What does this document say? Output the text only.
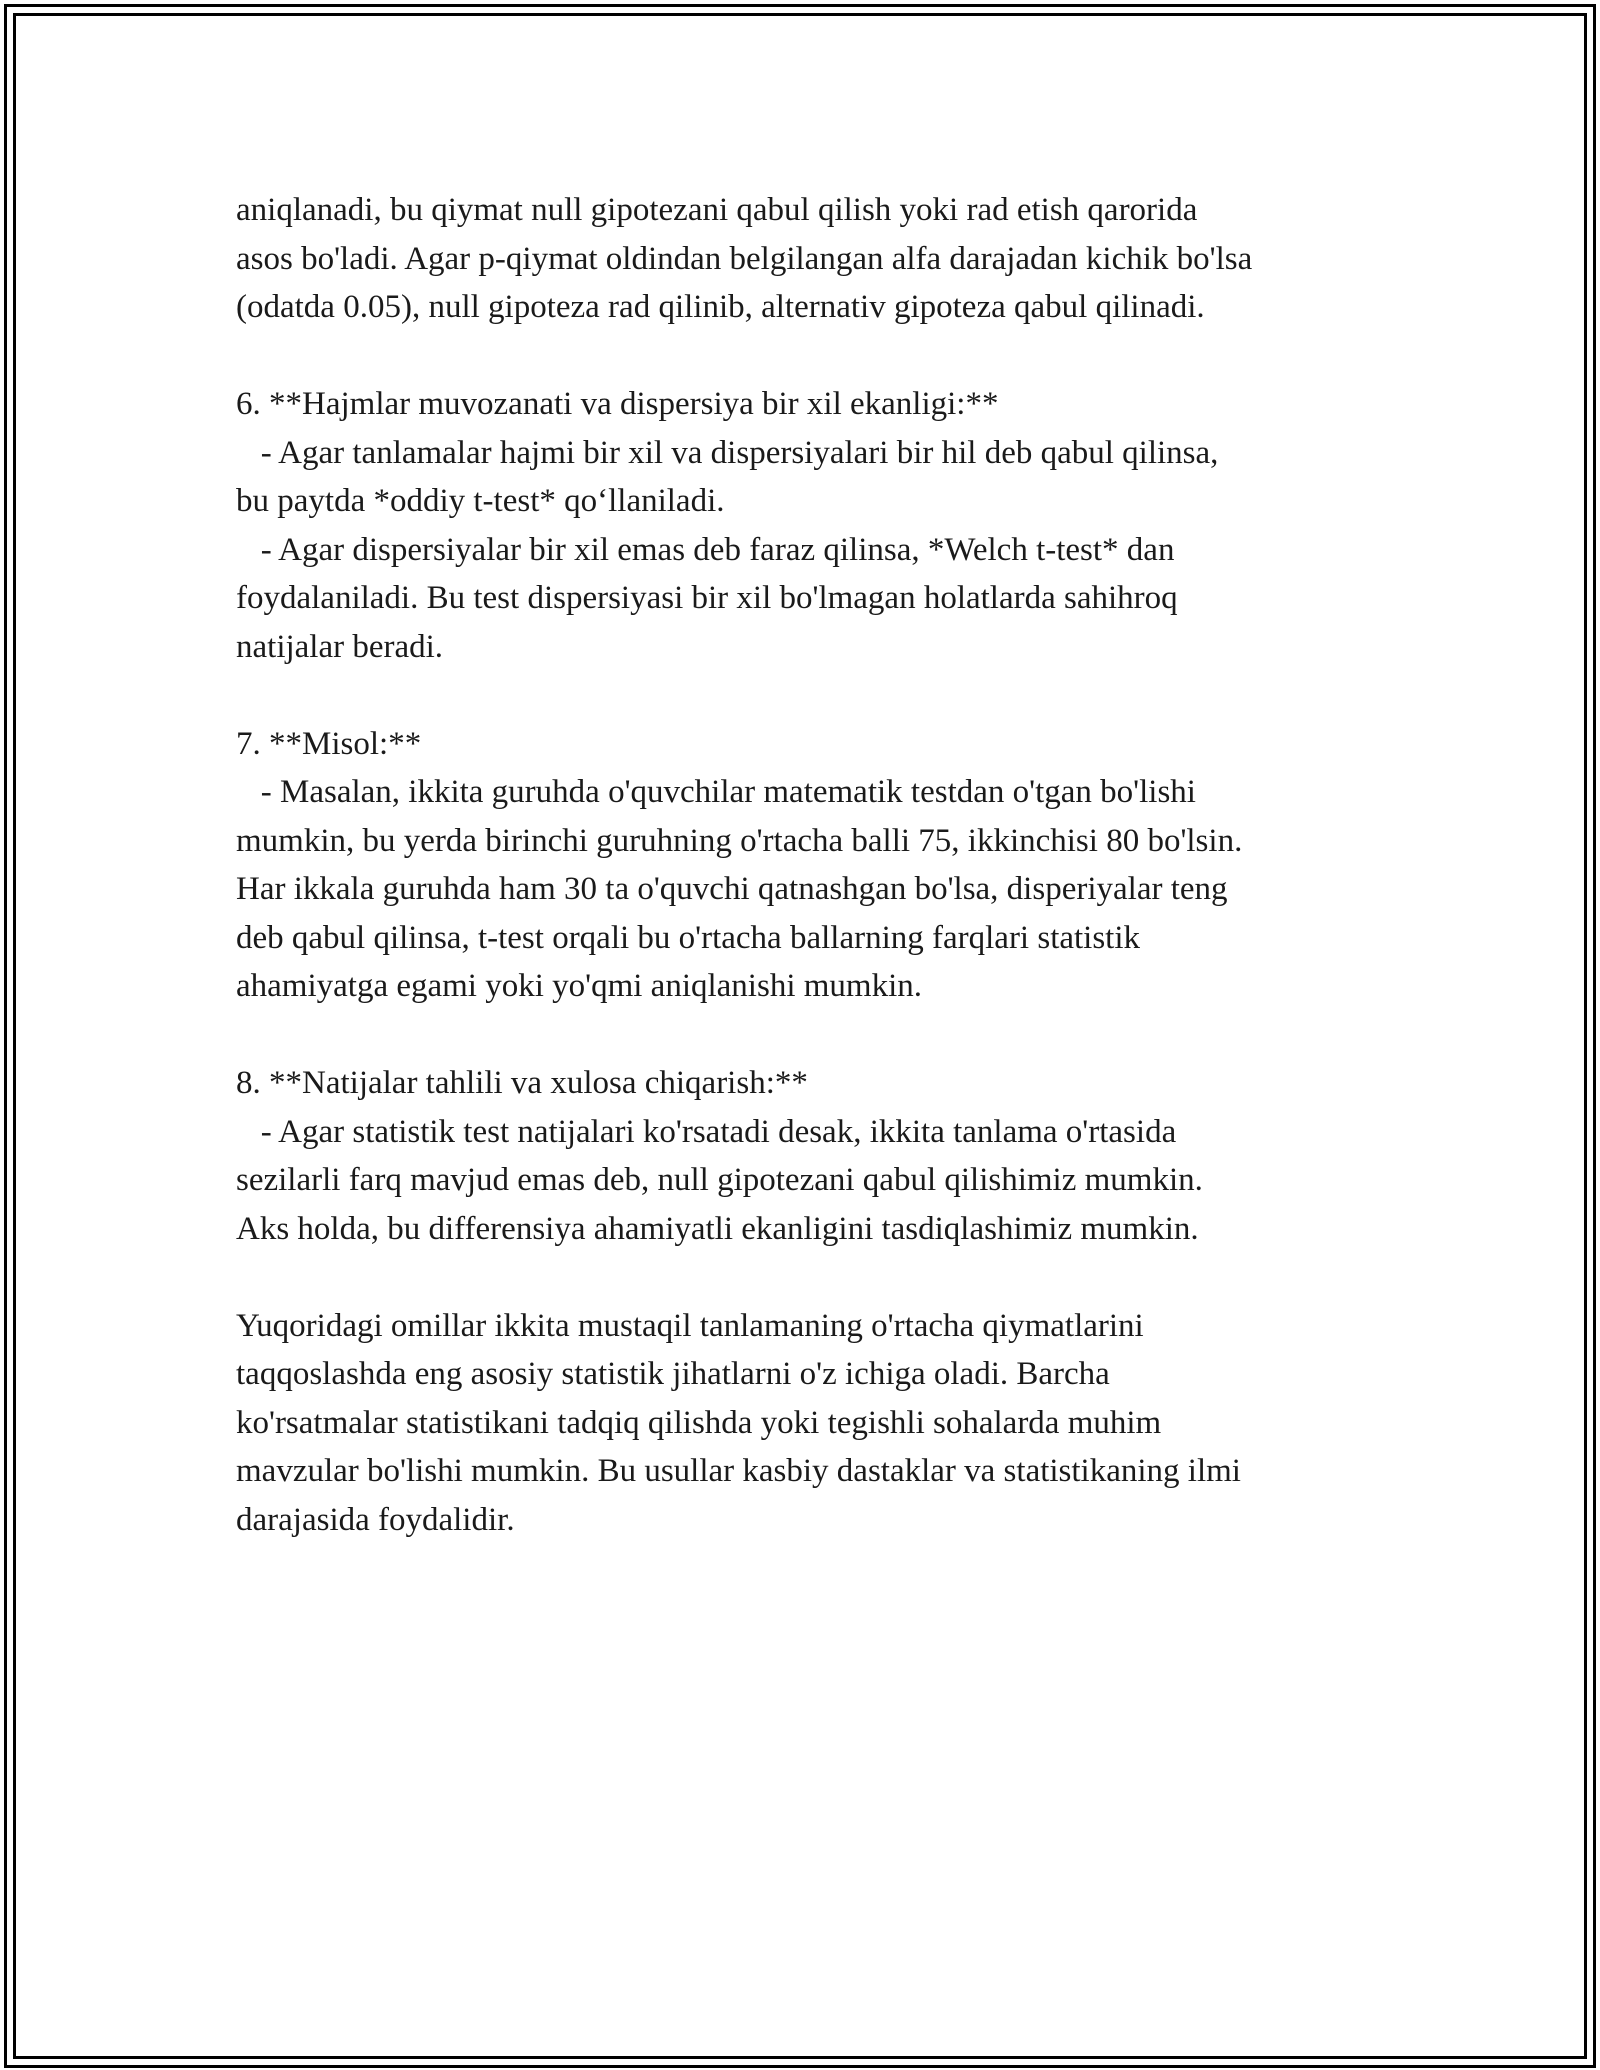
aniqlanadi, bu qiymat null gipotezani qabul qilish yoki rad etish qarorida
asos bo'ladi. Agar p-qiymat oldindan belgilangan alfa darajadan kichik bo'lsa
(odatda 0.05), null gipoteza rad qilinib, alternativ gipoteza qabul qilinadi.
6. **Hajmlar muvozanati va dispersiya bir xil ekanligi:**
- Agar tanlamalar hajmi bir xil va dispersiyalari bir hil deb qabul qilinsa,
bu paytda *oddiy t-test* qo‘llaniladi.
- Agar dispersiyalar bir xil emas deb faraz qilinsa, *Welch t-test* dan
foydalaniladi. Bu test dispersiyasi bir xil bo'lmagan holatlarda sahihroq
natijalar beradi.
7. **Misol:**
- Masalan, ikkita guruhda o'quvchilar matematik testdan o'tgan bo'lishi
mumkin, bu yerda birinchi guruhning o'rtacha balli 75, ikkinchisi 80 bo'lsin.
Har ikkala guruhda ham 30 ta o'quvchi qatnashgan bo'lsa, disperiyalar teng
deb qabul qilinsa, t-test orqali bu o'rtacha ballarning farqlari statistik
ahamiyatga egami yoki yo'qmi aniqlanishi mumkin.
8. **Natijalar tahlili va xulosa chiqarish:**
- Agar statistik test natijalari ko'rsatadi desak, ikkita tanlama o'rtasida
sezilarli farq mavjud emas deb, null gipotezani qabul qilishimiz mumkin.
Aks holda, bu differensiya ahamiyatli ekanligini tasdiqlashimiz mumkin.
Yuqoridagi omillar ikkita mustaqil tanlamaning o'rtacha qiymatlarini
taqqoslashda eng asosiy statistik jihatlarni o'z ichiga oladi. Barcha
ko'rsatmalar statistikani tadqiq qilishda yoki tegishli sohalarda muhim
mavzular bo'lishi mumkin. Bu usullar kasbiy dastaklar va statistikaning ilmi
darajasida foydalidir.
